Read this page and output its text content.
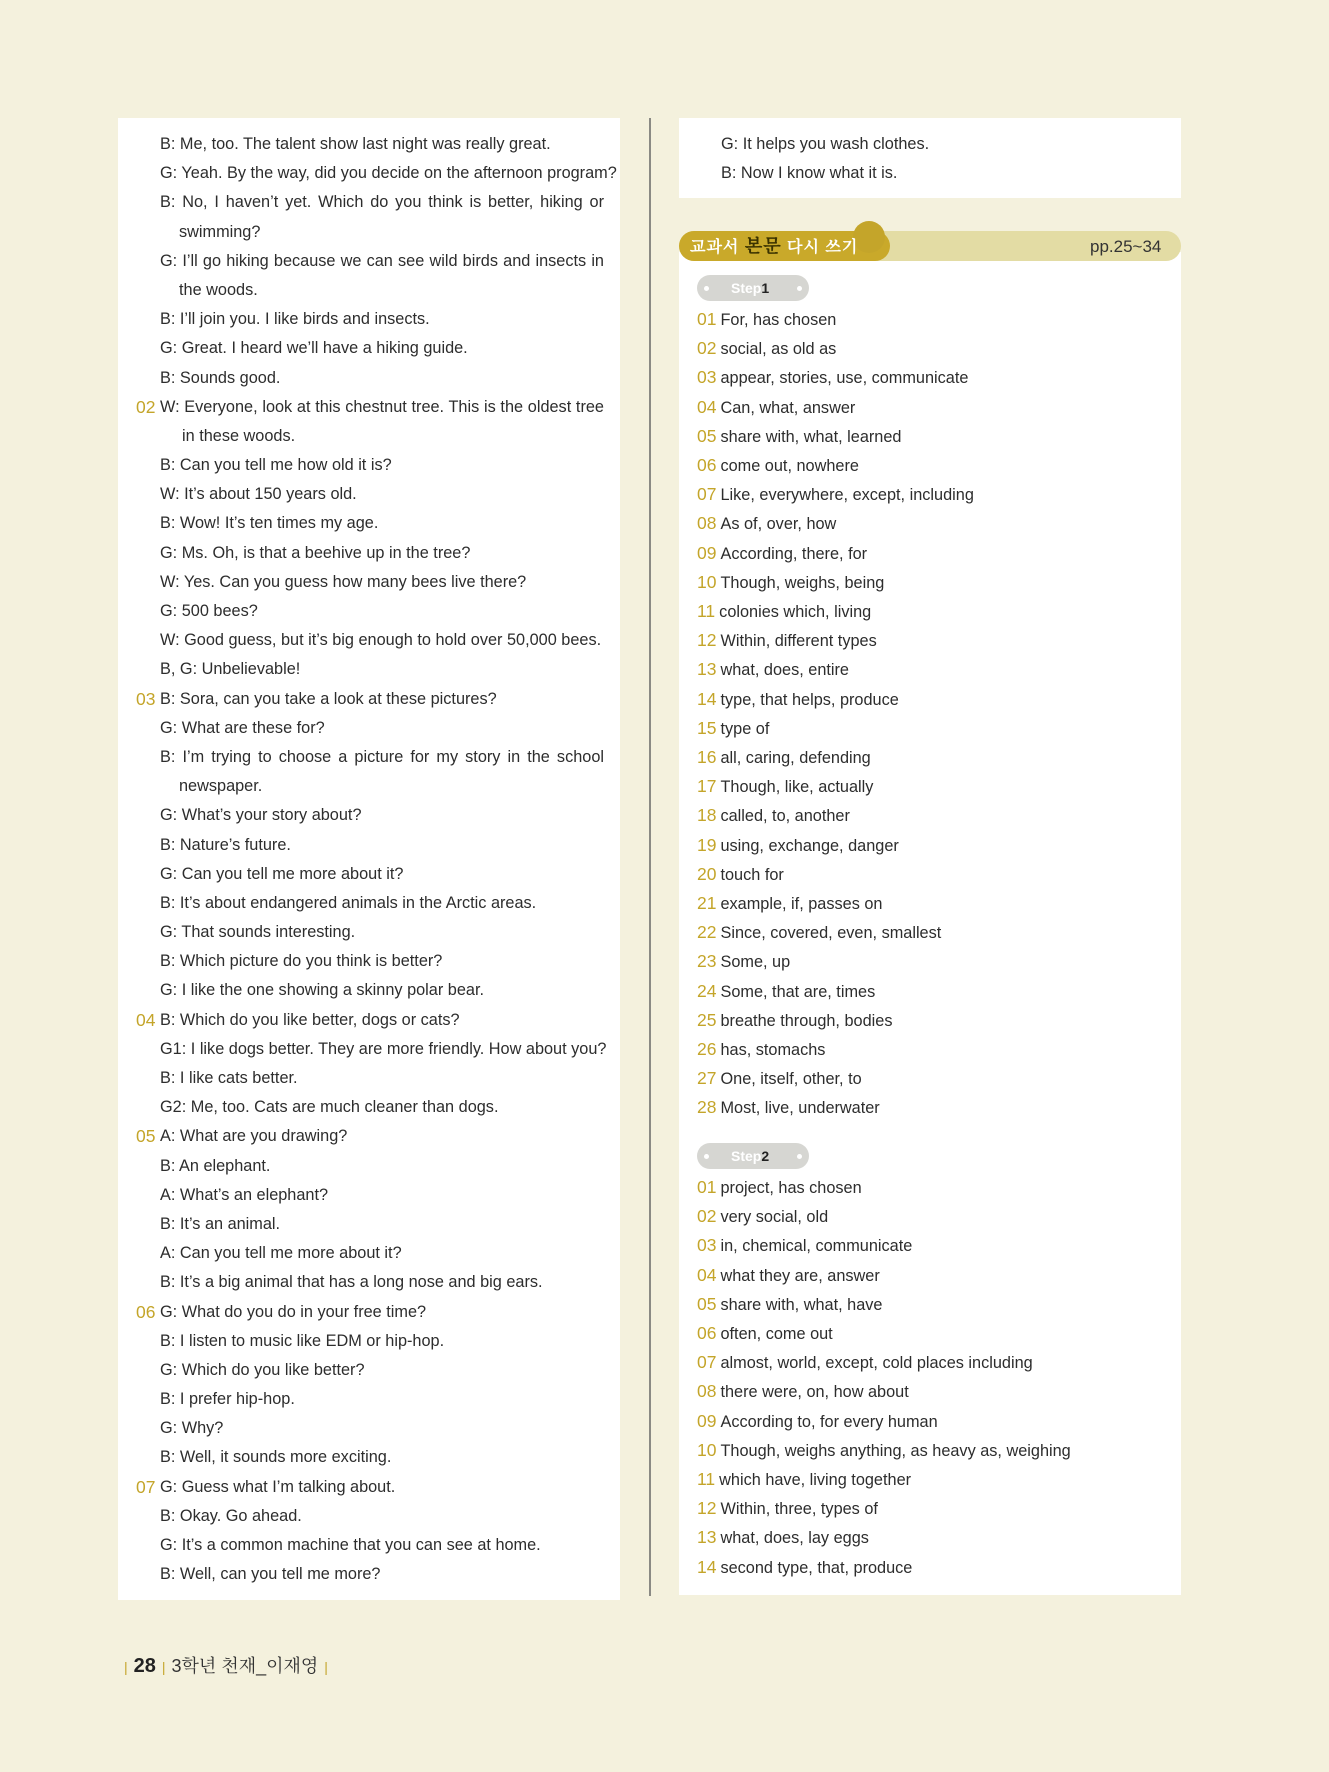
B: Me, too. The talent show last night was really great.
G: Yeah. By the way, did you decide on the afternoon program?
B: No, I haven’t yet. Which do you think is better, hiking or
swimming?
G: I’ll go hiking because we can see wild birds and insects in
the woods.
B: I’ll join you. I like birds and insects.
G: Great. I heard we’ll have a hiking guide.
B: Sounds good.
02 W: Everyone, look at this chestnut tree. This is the oldest tree
in these woods.
B: Can you tell me how old it is?
W: It’s about 150 years old.
B: Wow! It’s ten times my age.
G: Ms. Oh, is that a beehive up in the tree?
W: Yes. Can you guess how many bees live there?
G: 500 bees?
W: Good guess, but it’s big enough to hold over 50,000 bees.
B, G: Unbelievable!
03 B: Sora, can you take a look at these pictures?
G: What are these for?
B: I’m trying to choose a picture for my story in the school
newspaper.
G: What’s your story about?
B: Nature’s future.
G: Can you tell me more about it?
B: It’s about endangered animals in the Arctic areas.
G: That sounds interesting.
B: Which picture do you think is better?
G: I like the one showing a skinny polar bear.
04 B: Which do you like better, dogs or cats?
G1: I like dogs better. They are more friendly. How about you?
B: I like cats better.
G2: Me, too. Cats are much cleaner than dogs.
05 A: What are you drawing?
B: An elephant.
A: What’s an elephant?
B: It’s an animal.
A: Can you tell me more about it?
B: It’s a big animal that has a long nose and big ears.
06 G: What do you do in your free time?
B: I listen to music like EDM or hip-hop.
G: Which do you like better?
B: I prefer hip-hop.
G: Why?
B: Well, it sounds more exciting.
07 G: Guess what I’m talking about.
B: Okay. Go ahead.
G: It’s a common machine that you can see at home.
B: Well, can you tell me more?
G: It helps you wash clothes.
B: Now I know what it is.
교과서 본문 다시 쓰기	pp.25~34
Step1
Step2
01 For, has chosen
02 social, as old as
03 appear, stories, use, communicate
04 Can, what, answer
05 share with, what, learned
06 come out, nowhere
07 Like, everywhere, except, including
08 As of, over, how
09 According, there, for
10 Though, weighs, being
11 colonies which, living
12 Within, different types
13 what, does, entire
14 type, that helps, produce
15 type of
16 all, caring, defending
17 Though, like, actually
18 called, to, another
19 using, exchange, danger
20 touch for
21 example, if, passes on
22 Since, covered, even, smallest
23 Some, up
24 Some, that are, times
25 breathe through, bodies
26 has, stomachs
27 One, itself, other, to
28 Most, live, underwater
01 project, has chosen
02 very social, old
03 in, chemical, communicate
04 what they are, answer
05 share with, what, have
06 often, come out
07 almost, world, except, cold places including
08 there were, on, how about
09 According to, for every human
10 Though, weighs anything, as heavy as, weighing
11 which have, living together
12 Within, three, types of
13 what, does, lay eggs
14 second type, that, produce
| 28 | 3학년 천재_이재영 |
